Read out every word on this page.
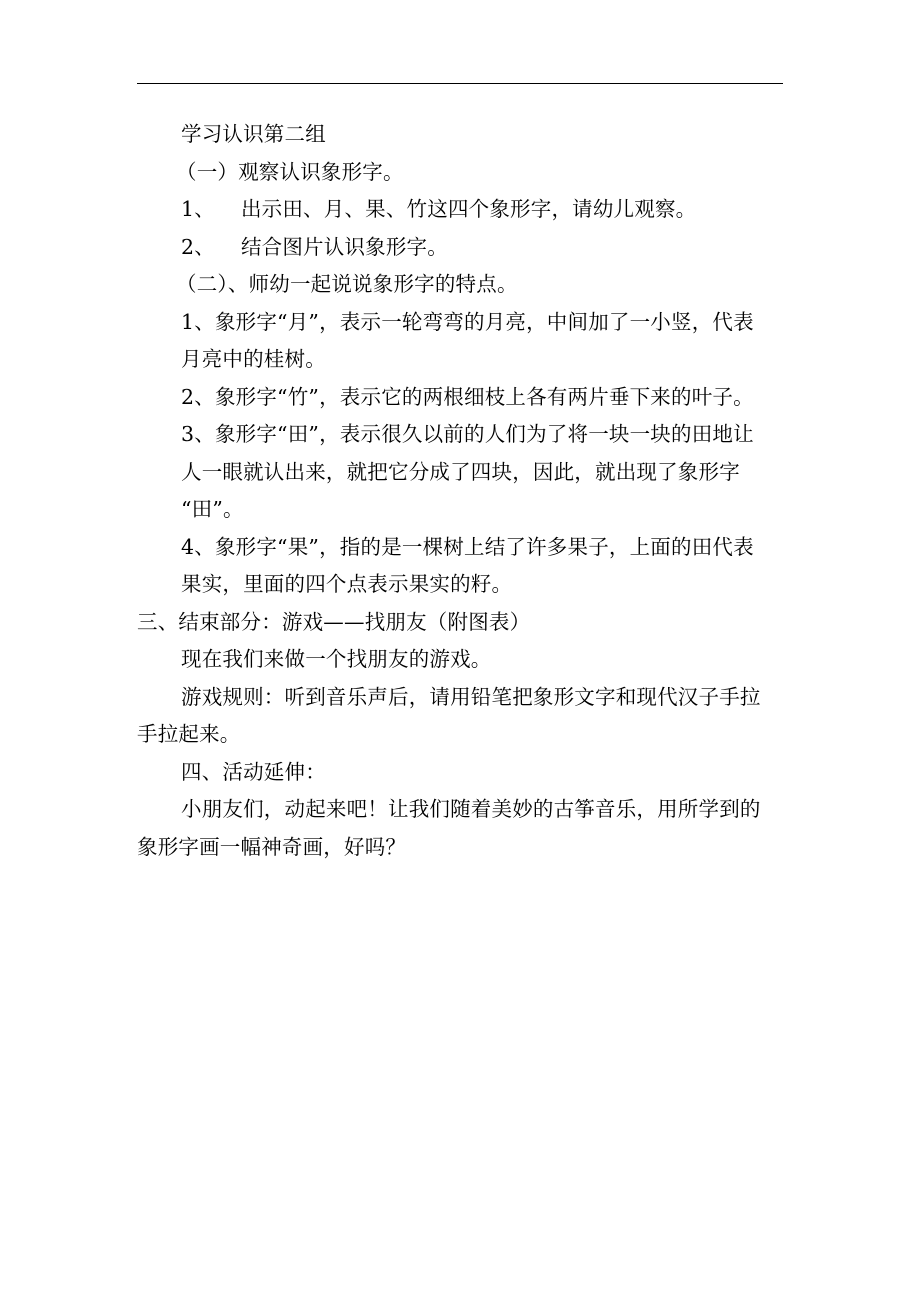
学习认识第二组

（一）观察认识象形字。

1、 出示田、月、果、竹这四个象形字，请幼儿观察。

2、 结合图片认识象形字。

（二）、师幼一起说说象形字的特点。

1、象形字“月”，表示一轮弯弯的月亮，中间加了一小竖，代表

月亮中的桂树。

2、象形字“竹”，表示它的两根细枝上各有两片垂下来的叶子。

3、象形字“田”，表示很久以前的人们为了将一块一块的田地让

人一眼就认出来，就把它分成了四块，因此，就出现了象形字

“田”。

4、象形字“果”，指的是一棵树上结了许多果子，上面的田代表

果实，里面的四个点表示果实的籽。

三、结束部分：游戏——找朋友（附图表）

现在我们来做一个找朋友的游戏。

游戏规则：听到音乐声后，请用铅笔把象形文字和现代汉子手拉

手拉起来。

四、活动延伸：

小朋友们，动起来吧！让我们随着美妙的古筝音乐，用所学到的

象形字画一幅神奇画，好吗？
